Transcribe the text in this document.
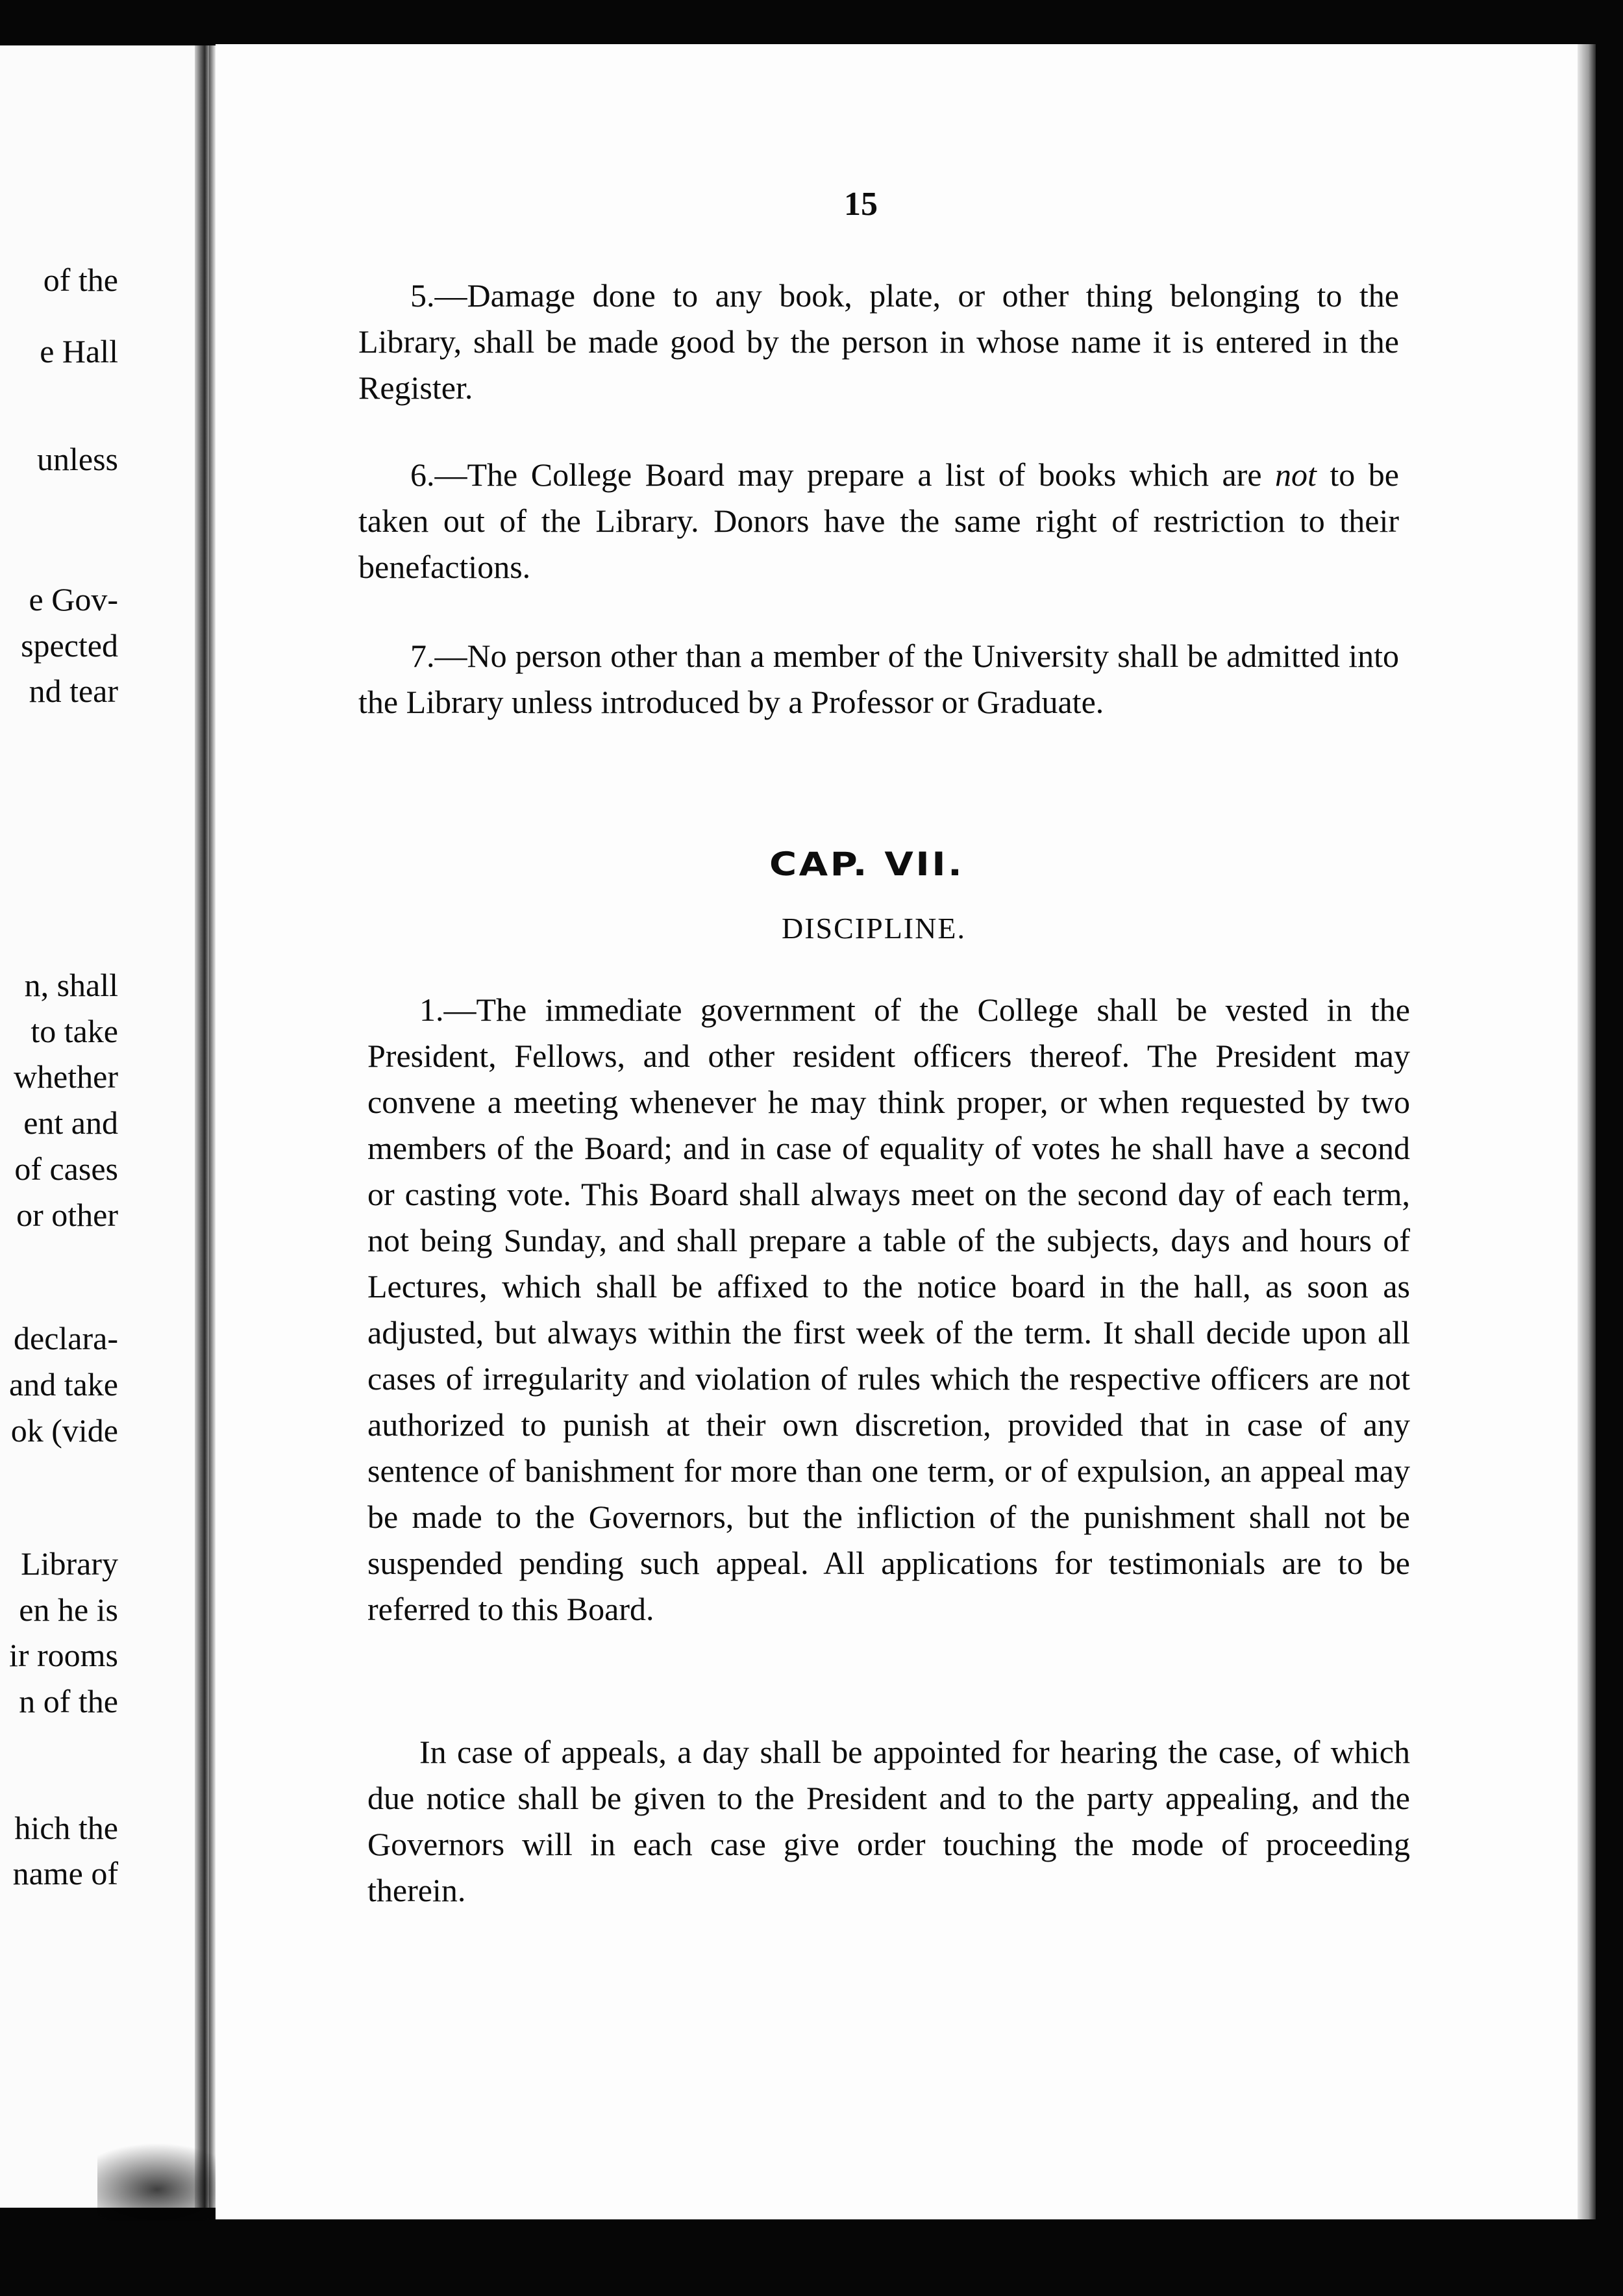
of the
e Hall
unless
e Gov-
spected
nd tear
n, shall
to take
whether
ent and
of cases
or other
declara-
and take
ok (vide
Library
en he is
ir rooms
n of the
hich the
name of
15
5.—Damage done to any book, plate, or other thing belonging to the Library, shall be made good by the person in whose name it is entered in the Register.
6.—The College Board may prepare a list of books which are not to be taken out of the Library. Donors have the same right of restriction to their benefactions.
7.—No person other than a member of the University shall be admitted into the Library unless introduced by a Professor or Graduate.
CAP. VII.
DISCIPLINE.
1.—The immediate government of the College shall be vested in the President, Fellows, and other resident officers thereof. The President may convene a meeting whenever he may think proper, or when requested by two members of the Board; and in case of equality of votes he shall have a second or casting vote. This Board shall always meet on the second day of each term, not being Sunday, and shall prepare a table of the subjects, days and hours of Lectures, which shall be affixed to the notice board in the hall, as soon as adjusted, but always within the first week of the term. It shall decide upon all cases of irregularity and violation of rules which the respective officers are not authorized to punish at their own discretion, provided that in case of any sentence of banishment for more than one term, or of expulsion, an appeal may be made to the Governors, but the infliction of the punishment shall not be suspended pending such appeal. All applications for testimonials are to be referred to this Board.
In case of appeals, a day shall be appointed for hearing the case, of which due notice shall be given to the President and to the party appealing, and the Governors will in each case give order touching the mode of proceeding therein.
